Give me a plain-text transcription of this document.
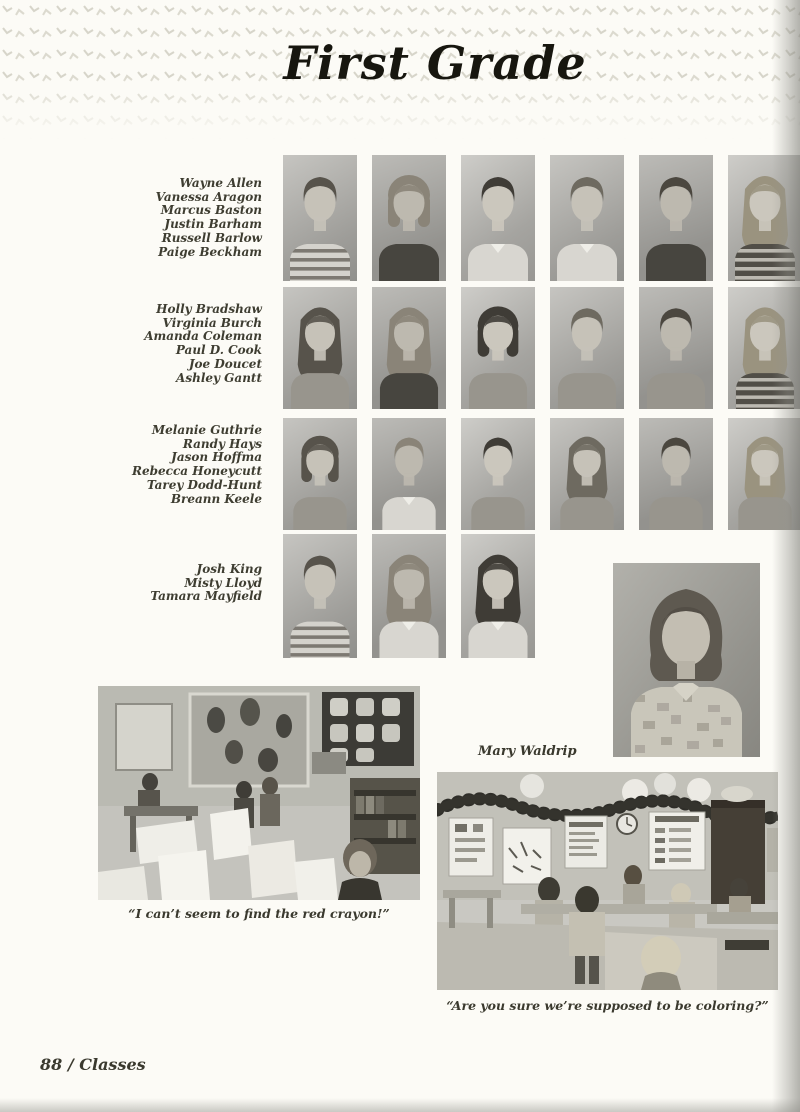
First Grade
Wayne Allen
Vanessa Aragon
Marcus Baston
Justin Barham
Russell Barlow
Paige Beckham
Holly Bradshaw
Virginia Burch
Amanda Coleman
Paul D. Cook
Joe Doucet
Ashley Gantt
Melanie Guthrie
Randy Hays
Jason Hoffma
Rebecca Honeycutt
Tarey Dodd-Hunt
Breann Keele
Josh King
Misty Lloyd
Tamara Mayfield
Mary Waldrip
“I can’t seem to find the red crayon!”
“Are you sure we’re supposed to be coloring?”
88 / Classes
